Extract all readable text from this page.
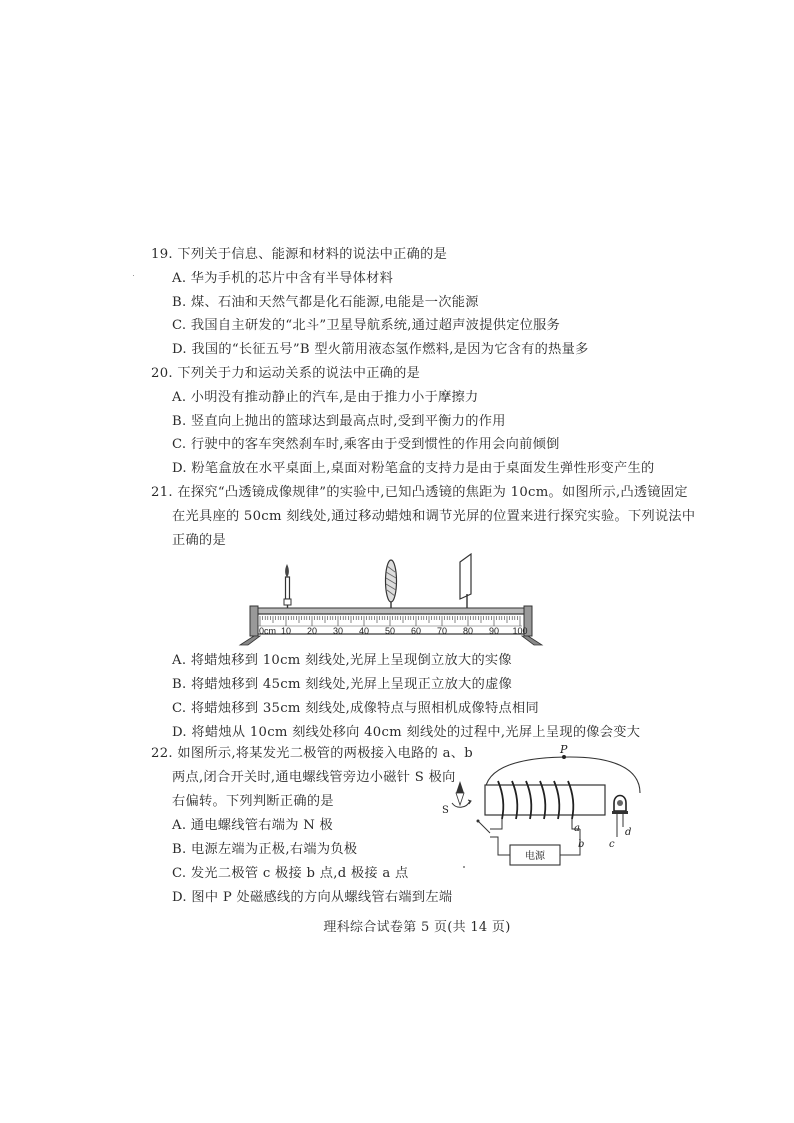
19. 下列关于信息、能源和材料的说法中正确的是
A. 华为手机的芯片中含有半导体材料
B. 煤、石油和天然气都是化石能源,电能是一次能源
C. 我国自主研发的“北斗”卫星导航系统,通过超声波提供定位服务
D. 我国的“长征五号”B 型火箭用液态氢作燃料,是因为它含有的热量多
20. 下列关于力和运动关系的说法中正确的是
A. 小明没有推动静止的汽车,是由于推力小于摩擦力
B. 竖直向上抛出的篮球达到最高点时,受到平衡力的作用
C. 行驶中的客车突然刹车时,乘客由于受到惯性的作用会向前倾倒
D. 粉笔盒放在水平桌面上,桌面对粉笔盒的支持力是由于桌面发生弹性形变产生的
21. 在探究“凸透镜成像规律”的实验中,已知凸透镜的焦距为 10cm。如图所示,凸透镜固定
在光具座的 50cm 刻线处,通过移动蜡烛和调节光屏的位置来进行探究实验。下列说法中
正确的是
0cm 10 20 30 40 50 60 70 80 90 100
A. 将蜡烛移到 10cm 刻线处,光屏上呈现倒立放大的实像
B. 将蜡烛移到 45cm 刻线处,光屏上呈现正立放大的虚像
C. 将蜡烛移到 35cm 刻线处,成像特点与照相机成像特点相同
D. 将蜡烛从 10cm 刻线处移向 40cm 刻线处的过程中,光屏上呈现的像会变大
22. 如图所示,将某发光二极管的两极接入电路的 a、b
两点,闭合开关时,通电螺线管旁边小磁针 S 极向
右偏转。下列判断正确的是
A. 通电螺线管右端为 N 极
B. 电源左端为正极,右端为负极
C. 发光二极管 c 极接 b 点,d 极接 a 点
D. 图中 P 处磁感线的方向从螺线管右端到左端
P
S
a
b
电源
d
c
理科综合试卷第 5 页(共 14 页)
